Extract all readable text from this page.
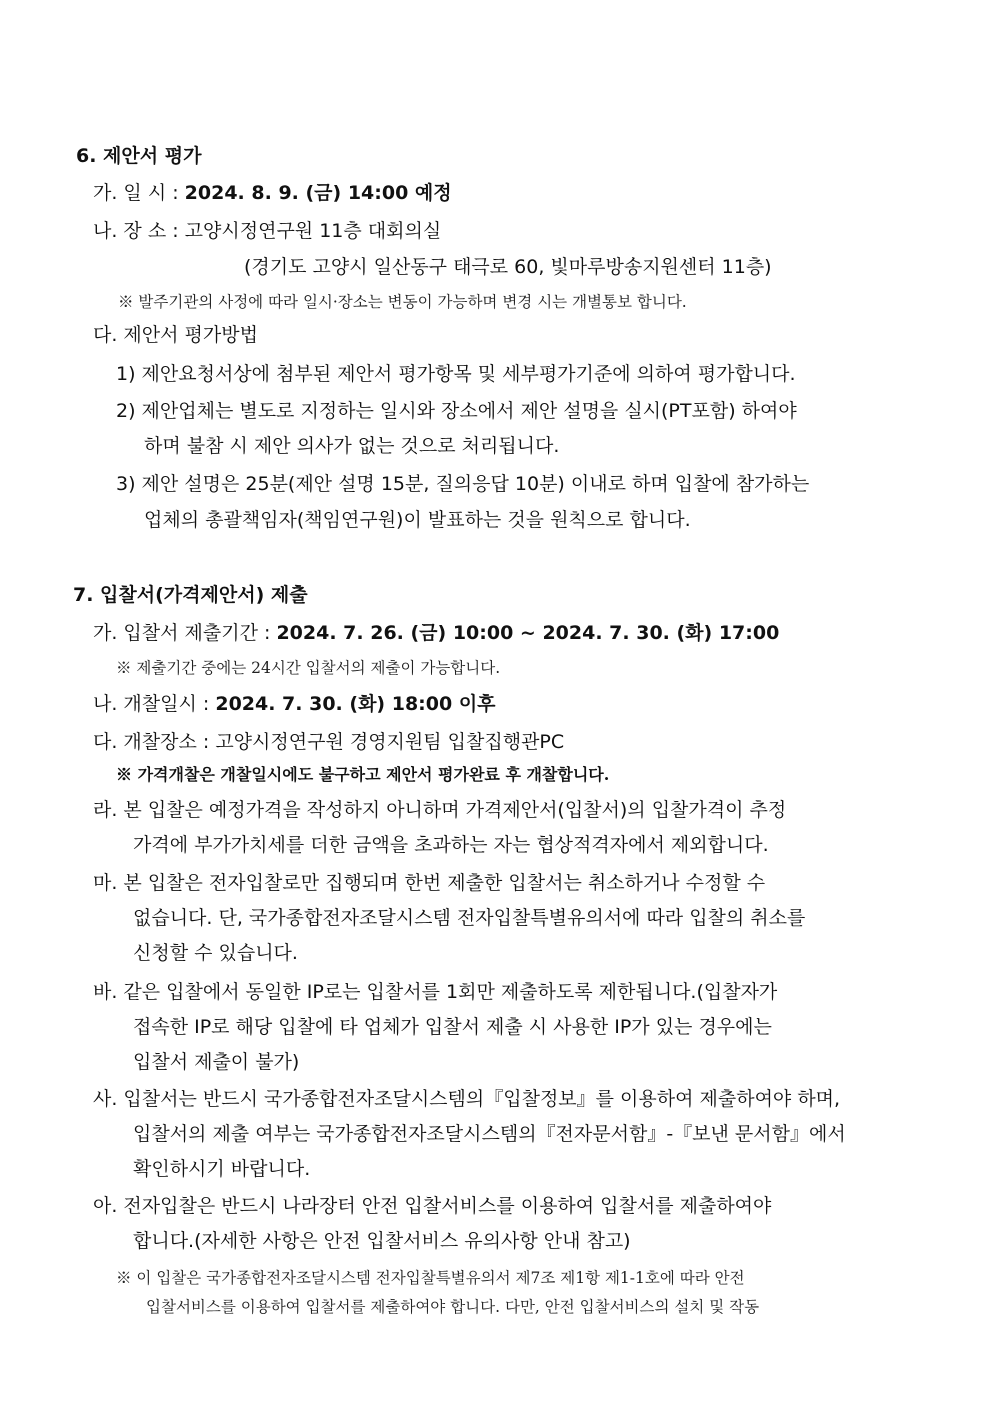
6. 제안서 평가
가. 일 시 : 2024. 8. 9. (금) 14:00 예정
나. 장 소 : 고양시정연구원 11층 대회의실
(경기도 고양시 일산동구 태극로 60, 빛마루방송지원센터 11층)
※ 발주기관의 사정에 따라 일시·장소는 변동이 가능하며 변경 시는 개별통보 합니다.
다. 제안서 평가방법
1) 제안요청서상에 첨부된 제안서 평가항목 및 세부평가기준에 의하여 평가합니다.
2) 제안업체는 별도로 지정하는 일시와 장소에서 제안 설명을 실시(PT포함) 하여야
하며 불참 시 제안 의사가 없는 것으로 처리됩니다.
3) 제안 설명은 25분(제안 설명 15분, 질의응답 10분) 이내로 하며 입찰에 참가하는
업체의 총괄책임자(책임연구원)이 발표하는 것을 원칙으로 합니다.
7. 입찰서(가격제안서) 제출
가. 입찰서 제출기간 : 2024. 7. 26. (금) 10:00 ~ 2024. 7. 30. (화) 17:00
※ 제출기간 중에는 24시간 입찰서의 제출이 가능합니다.
나. 개찰일시 : 2024. 7. 30. (화) 18:00 이후
다. 개찰장소 : 고양시정연구원 경영지원팀 입찰집행관PC
※ 가격개찰은 개찰일시에도 불구하고 제안서 평가완료 후 개찰합니다.
라. 본 입찰은 예정가격을 작성하지 아니하며 가격제안서(입찰서)의 입찰가격이 추정
가격에 부가가치세를 더한 금액을 초과하는 자는 협상적격자에서 제외합니다.
마. 본 입찰은 전자입찰로만 집행되며 한번 제출한 입찰서는 취소하거나 수정할 수
없습니다. 단, 국가종합전자조달시스템 전자입찰특별유의서에 따라 입찰의 취소를
신청할 수 있습니다.
바. 같은 입찰에서 동일한 IP로는 입찰서를 1회만 제출하도록 제한됩니다.(입찰자가
접속한 IP로 해당 입찰에 타 업체가 입찰서 제출 시 사용한 IP가 있는 경우에는
입찰서 제출이 불가)
사. 입찰서는 반드시 국가종합전자조달시스템의『입찰정보』를 이용하여 제출하여야 하며,
입찰서의 제출 여부는 국가종합전자조달시스템의『전자문서함』-『보낸 문서함』에서
확인하시기 바랍니다.
아. 전자입찰은 반드시 나라장터 안전 입찰서비스를 이용하여 입찰서를 제출하여야
합니다.(자세한 사항은 안전 입찰서비스 유의사항 안내 참고)
※ 이 입찰은 국가종합전자조달시스템 전자입찰특별유의서 제7조 제1항 제1-1호에 따라 안전
입찰서비스를 이용하여 입찰서를 제출하여야 합니다. 다만, 안전 입찰서비스의 설치 및 작동
